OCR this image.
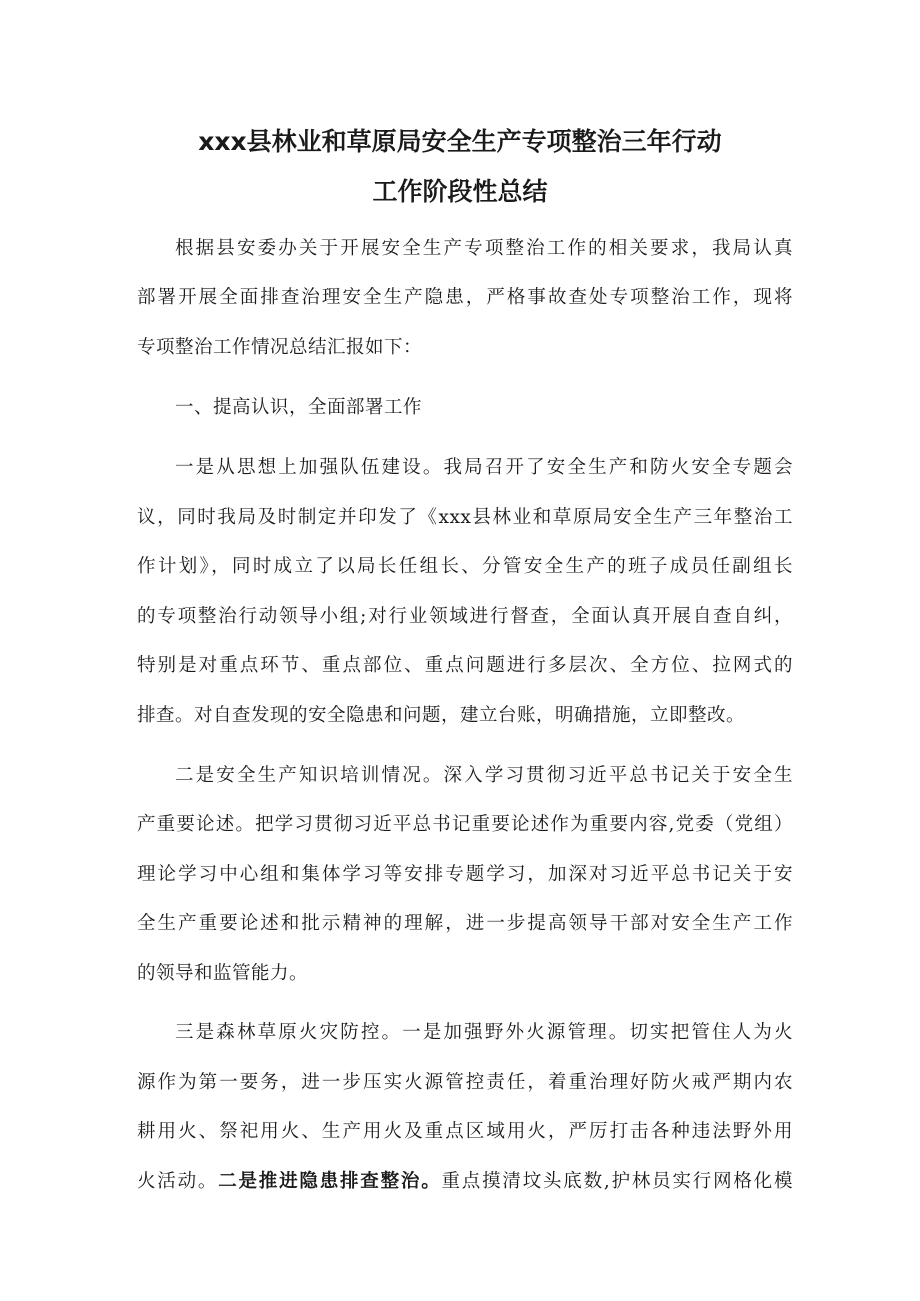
xxx县林业和草原局安全生产专项整治三年行动
工作阶段性总结

根据县安委办关于开展安全生产专项整治工作的相关要求，我局认真

部署开展全面排查治理安全生产隐患，严格事故查处专项整治工作，现将

专项整治工作情况总结汇报如下：

一、提高认识，全面部署工作

一是从思想上加强队伍建设。我局召开了安全生产和防火安全专题会

议，同时我局及时制定并印发了《xxx县林业和草原局安全生产三年整治工

作计划》，同时成立了以局长任组长、分管安全生产的班子成员任副组长

的专项整治行动领导小组;对行业领域进行督查，全面认真开展自查自纠，

特别是对重点环节、重点部位、重点问题进行多层次、全方位、拉网式的

排查。对自查发现的安全隐患和问题，建立台账，明确措施，立即整改。

二是安全生产知识培训情况。深入学习贯彻习近平总书记关于安全生

产重要论述。把学习贯彻习近平总书记重要论述作为重要内容,党委（党组）

理论学习中心组和集体学习等安排专题学习，加深对习近平总书记关于安

全生产重要论述和批示精神的理解，进一步提高领导干部对安全生产工作

的领导和监管能力。

三是森林草原火灾防控。一是加强野外火源管理。切实把管住人为火

源作为第一要务，进一步压实火源管控责任，着重治理好防火戒严期内农

耕用火、祭祀用火、生产用火及重点区域用火，严厉打击各种违法野外用

火活动。二是推进隐患排查整治。重点摸清坟头底数,护林员实行网格化模
